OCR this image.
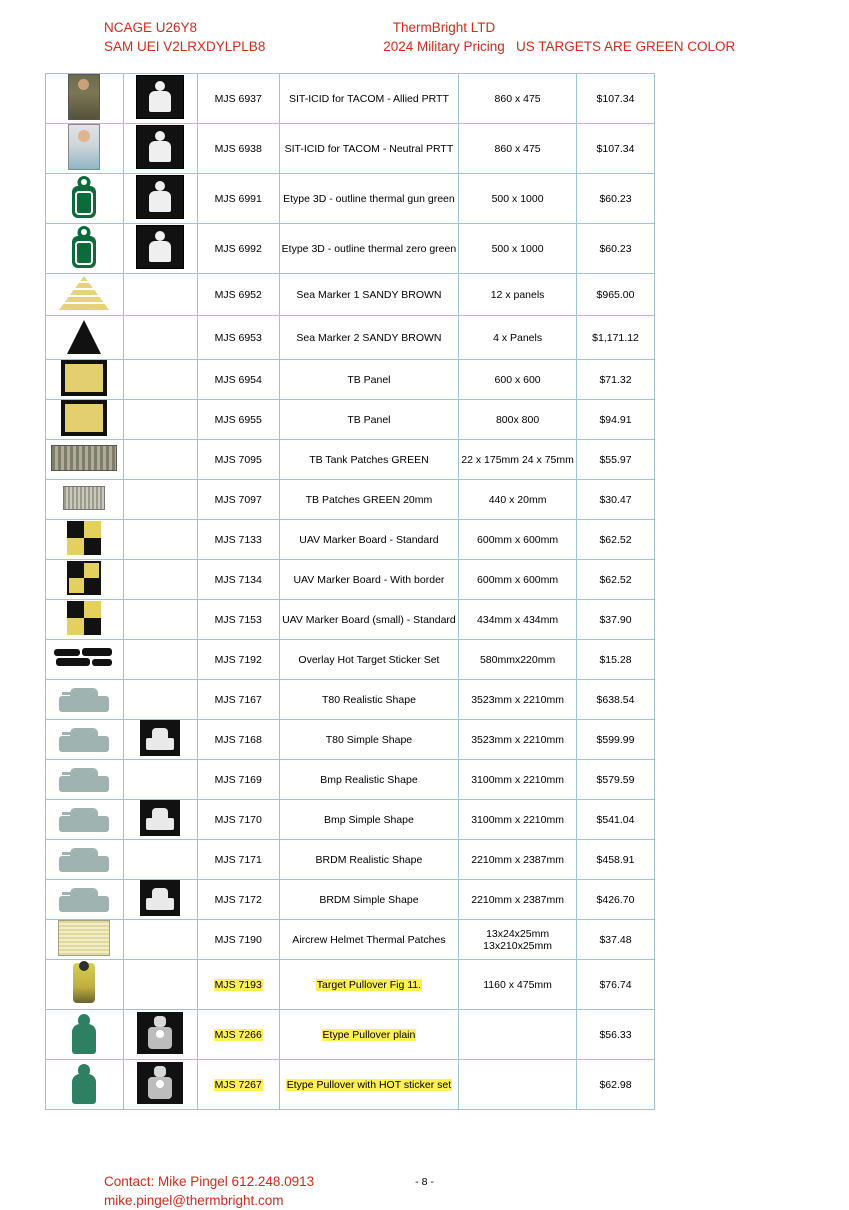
NCAGE U26Y8
SAM UEI V2LRXDYLPLB8
ThermBright LTD
2024 Military Pricing US TARGETS ARE GREEN COLOR

	MJS 6937	SIT-ICID for TACOM - Allied PRTT	860 x 475	$107.34

	MJS 6938	SIT-ICID for TACOM - Neutral PRTT	860 x 475	$107.34

	MJS 6991	Etype 3D - outline thermal gun green	500 x 1000	$60.23

	MJS 6992	Etype 3D - outline thermal zero green	500 x 1000	$60.23

		MJS 6952	Sea Marker 1 SANDY BROWN	12 x panels	$965.00

		MJS 6953	Sea Marker 2 SANDY BROWN	4 x Panels	$1,171.12

		MJS 6954	TB Panel	600 x 600	$71.32

		MJS 6955	TB Panel	800x 800	$94.91
		MJS 7095	TB Tank Patches GREEN	22 x 175mm 24 x 75mm	$55.97
		MJS 7097	TB Patches GREEN 20mm	440 x 20mm	$30.47

		MJS 7133	UAV Marker Board - Standard	600mm x 600mm	$62.52

		MJS 7134	UAV Marker Board - With border	600mm x 600mm	$62.52

		MJS 7153	UAV Marker Board (small) - Standard	434mm x 434mm	$37.90

		MJS 7192	Overlay Hot Target Sticker Set	580mmx220mm	$15.28

		MJS 7167	T80 Realistic Shape	3523mm x 2210mm	$638.54

	MJS 7168	T80 Simple Shape	3523mm x 2210mm	$599.99

		MJS 7169	Bmp Realistic Shape	3100mm x 2210mm	$579.59

	MJS 7170	Bmp Simple Shape	3100mm x 2210mm	$541.04

		MJS 7171	BRDM Realistic Shape	2210mm x 2387mm	$458.91

	MJS 7172	BRDM Simple Shape	2210mm x 2387mm	$426.70
		MJS 7190	Aircrew Helmet Thermal Patches	13x24x25mm 13x210x25mm	$37.48

		MJS 7193	Target Pullover Fig 11.	1160 x 475mm	$76.74

	MJS 7266	Etype Pullover plain		$56.33

	MJS 7267	Etype Pullover with HOT sticker set		$62.98
Contact: Mike Pingel 612.248.0913
mike.pingel@thermbright.com
- 8 -
